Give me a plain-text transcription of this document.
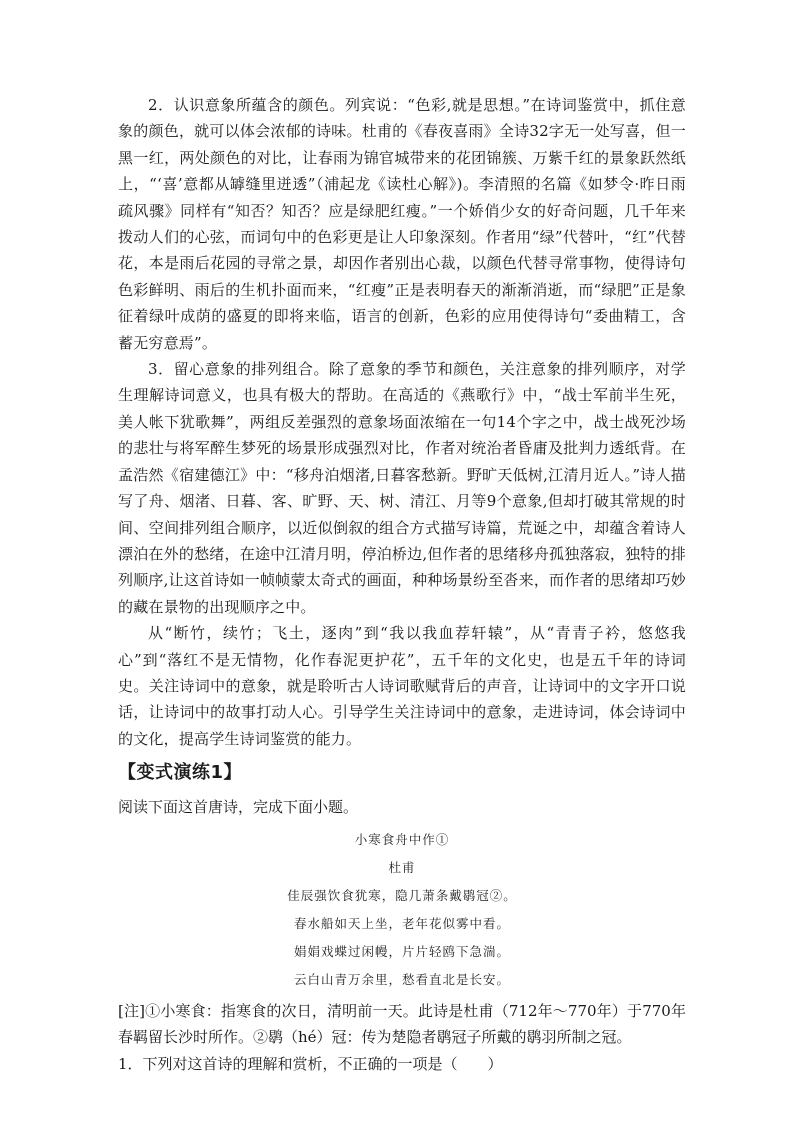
2．认识意象所蕴含的颜色。列宾说：“色彩,就是思想。”在诗词鉴赏中，抓住意象的颜色，就可以体会浓郁的诗味。杜甫的《春夜喜雨》全诗32字无一处写喜，但一黑一红，两处颜色的对比，让春雨为锦官城带来的花团锦簇、万紫千红的景象跃然纸上，“‘喜’意都从罅缝里迸透”（浦起龙《读杜心解》)。李清照的名篇《如梦令·昨日雨疏风骤》同样有“知否？知否？应是绿肥红瘦。”一个娇俏少女的好奇问题，几千年来拨动人们的心弦，而词句中的色彩更是让人印象深刻。作者用“绿”代替叶，“红”代替花，本是雨后花园的寻常之景，却因作者别出心裁，以颜色代替寻常事物，使得诗句色彩鲜明、雨后的生机扑面而来，“红瘦”正是表明春天的渐渐消逝，而“绿肥”正是象征着绿叶成荫的盛夏的即将来临，语言的创新，色彩的应用使得诗句“委曲精工，含蓄无穷意焉”。

3．留心意象的排列组合。除了意象的季节和颜色，关注意象的排列顺序，对学生理解诗词意义，也具有极大的帮助。在高适的《燕歌行》中，“战士军前半生死，美人帐下犹歌舞”，两组反差强烈的意象场面浓缩在一句14个字之中，战士战死沙场的悲壮与将军醉生梦死的场景形成强烈对比，作者对统治者昏庸及批判力透纸背。在孟浩然《宿建德江》中：“移舟泊烟渚,日暮客愁新。野旷天低树,江清月近人。”诗人描写了舟、烟渚、日暮、客、旷野、天、树、清江、月等9个意象,但却打破其常规的时间、空间排列组合顺序，以近似倒叙的组合方式描写诗篇，荒诞之中，却蕴含着诗人漂泊在外的愁绪，在途中江清月明，停泊桥边,但作者的思绪移舟孤独落寂，独特的排列顺序,让这首诗如一帧帧蒙太奇式的画面，种种场景纷至沓来，而作者的思绪却巧妙的藏在景物的出现顺序之中。

从“断竹，续竹；飞土，逐肉”到“我以我血荐轩辕”，从“青青子衿，悠悠我心”到“落红不是无情物，化作春泥更护花”，五千年的文化史，也是五千年的诗词史。关注诗词中的意象，就是聆听古人诗词歌赋背后的声音，让诗词中的文字开口说话，让诗词中的故事打动人心。引导学生关注诗词中的意象，走进诗词，体会诗词中的文化，提高学生诗词鉴赏的能力。

【变式演练1】

阅读下面这首唐诗，完成下面小题。

小寒食舟中作①
杜甫
佳辰强饮食犹寒，隐几萧条戴鹖冠②。
春水船如天上坐，老年花似雾中看。
娟娟戏蝶过闲幔，片片轻鸥下急湍。
云白山青万余里，愁看直北是长安。

[注]①小寒食：指寒食的次日，清明前一天。此诗是杜甫（712年～770年）于770年春羁留长沙时所作。②鹖（hé）冠：传为楚隐者鹖冠子所戴的鹖羽所制之冠。

1．下列对这首诗的理解和赏析，不正确的一项是（　　）
